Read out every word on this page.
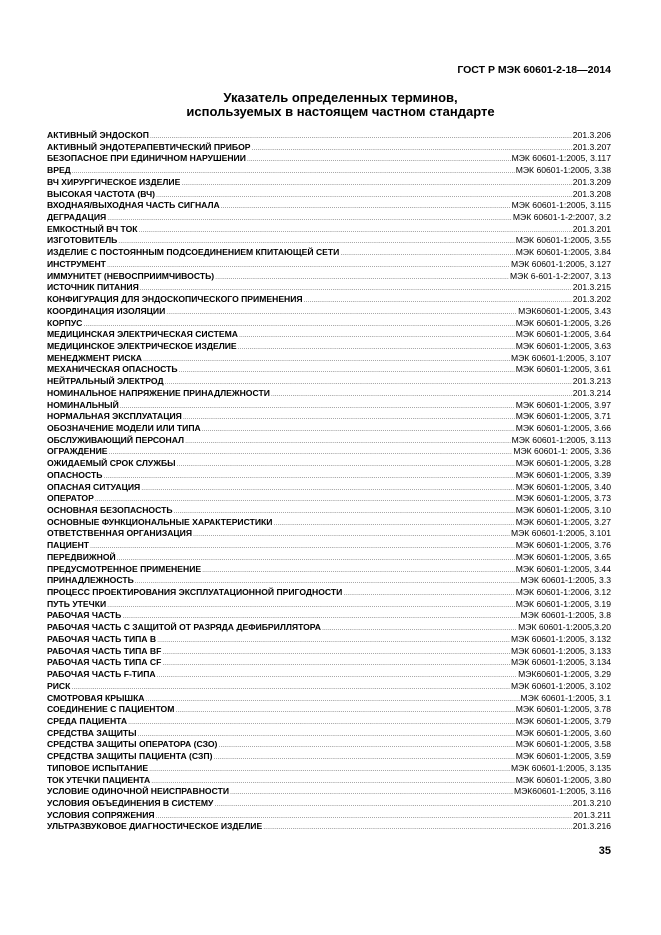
ГОСТ Р МЭК 60601-2-18—2014
Указатель определенных терминов,
используемых в настоящем частном стандарте
АКТИВНЫЙ ЭНДОСКОП .....	201.3.206
АКТИВНЫЙ ЭНДОТЕРАПЕВТИЧЕСКИЙ ПРИБОР .....	201.3.207
БЕЗОПАСНОЕ ПРИ ЕДИНИЧНОМ НАРУШЕНИИ .....	МЭК 60601-1:2005, 3.117
ВРЕД .....	МЭК 60601-1:2005, 3.38
ВЧ ХИРУРГИЧЕСКОЕ ИЗДЕЛИЕ .....	201.3.209
ВЫСОКАЯ ЧАСТОТА (ВЧ) .....	201.3.208
ВХОДНАЯ/ВЫХОДНАЯ ЧАСТЬ СИГНАЛА .....	МЭК 60601-1:2005, 3.115
ДЕГРАДАЦИЯ .....	МЭК 60601-1-2:2007, 3.2
ЕМКОСТНЫЙ ВЧ ТОК .....	201.3.201
ИЗГОТОВИТЕЛЬ .....	МЭК 60601-1:2005, 3.55
ИЗДЕЛИЕ С ПОСТОЯННЫМ ПОДСОЕДИНЕНИЕМ КПИТАЮЩЕЙ СЕТИ .....	МЭК 60601-1:2005, 3.84
ИНСТРУМЕНТ .....	МЭК 60601-1:2005, 3.127
ИММУНИТЕТ (НЕВОСПРИИМЧИВОСТЬ) .....	МЭК 6-601-1-2:2007, 3.13
ИСТОЧНИК ПИТАНИЯ .....	201.3.215
КОНФИГУРАЦИЯ ДЛЯ ЭНДОСКОПИЧЕСКОГО ПРИМЕНЕНИЯ .....	201.3.202
КООРДИНАЦИЯ ИЗОЛЯЦИИ .....	МЭК60601-1:2005, 3.43
КОРПУС .....	МЭК 60601-1:2005, 3.26
МЕДИЦИНСКАЯ ЭЛЕКТРИЧЕСКАЯ СИСТЕМА .....	МЭК 60601-1:2005, 3.64
МЕДИЦИНСКОЕ ЭЛЕКТРИЧЕСКОЕ ИЗДЕЛИЕ .....	МЭК 60601-1:2005, 3.63
МЕНЕДЖМЕНТ РИСКА .....	МЭК 60601-1:2005, 3.107
МЕХАНИЧЕСКАЯ ОПАСНОСТЬ .....	МЭК 60601-1:2005, 3.61
НЕЙТРАЛЬНЫЙ ЭЛЕКТРОД .....	201.3.213
НОМИНАЛЬНОЕ НАПРЯЖЕНИЕ ПРИНАДЛЕЖНОСТИ .....	201.3.214
НОМИНАЛЬНЫЙ .....	МЭК 60601-1:2005, 3.97
НОРМАЛЬНАЯ ЭКСПЛУАТАЦИЯ .....	МЭК 60601-1:2005, 3.71
ОБОЗНАЧЕНИЕ МОДЕЛИ ИЛИ ТИПА .....	МЭК 60601-1:2005, 3.66
ОБСЛУЖИВАЮЩИЙ ПЕРСОНАЛ .....	МЭК 60601-1:2005, 3.113
ОГРАЖДЕНИЕ .....	МЭК 60601-1: 2005, 3.36
ОЖИДАЕМЫЙ СРОК СЛУЖБЫ .....	МЭК 60601-1:2005, 3.28
ОПАСНОСТЬ .....	МЭК 60601-1:2005, 3.39
ОПАСНАЯ СИТУАЦИЯ .....	МЭК 60601-1:2005, 3.40
ОПЕРАТОР .....	МЭК 60601-1:2005, 3.73
ОСНОВНАЯ БЕЗОПАСНОСТЬ .....	МЭК 60601-1:2005, 3.10
ОСНОВНЫЕ ФУНКЦИОНАЛЬНЫЕ ХАРАКТЕРИСТИКИ .....	МЭК 60601-1:2005, 3.27
ОТВЕТСТВЕННАЯ ОРГАНИЗАЦИЯ .....	МЭК 60601-1:2005, 3.101
ПАЦИЕНТ .....	МЭК 60601-1:2005, 3.76
ПЕРЕДВИЖНОЙ .....	МЭК 60601-1:2005, 3.65
ПРЕДУСМОТРЕННОЕ ПРИМЕНЕНИЕ .....	МЭК 60601-1:2005, 3.44
ПРИНАДЛЕЖНОСТЬ .....	МЭК 60601-1:2005, 3.3
ПРОЦЕСС ПРОЕКТИРОВАНИЯ ЭКСПЛУАТАЦИОННОЙ ПРИГОДНОСТИ .....	МЭК 60601-1:2006, 3.12
ПУТЬ УТЕЧКИ .....	МЭК 60601-1:2005, 3.19
РАБОЧАЯ ЧАСТЬ .....	МЭК 60601-1:2005, 3.8
РАБОЧАЯ ЧАСТЬ С ЗАЩИТОЙ ОТ РАЗРЯДА ДЕФИБРИЛЛЯТОРА .....	МЭК 60601-1:2005,3.20
РАБОЧАЯ ЧАСТЬ ТИПА В .....	МЭК 60601-1:2005, 3.132
РАБОЧАЯ ЧАСТЬ ТИПА BF .....	МЭК 60601-1:2005, 3.133
РАБОЧАЯ ЧАСТЬ ТИПА CF .....	МЭК 60601-1:2005, 3.134
РАБОЧАЯ ЧАСТЬ F-ТИПА .....	МЭК60601-1:2005, 3.29
РИСК .....	МЭК 60601-1:2005, 3.102
СМОТРОВАЯ КРЫШКА .....	МЭК 60601-1:2005, 3.1
СОЕДИНЕНИЕ С ПАЦИЕНТОМ .....	МЭК 60601-1:2005, 3.78
СРЕДА ПАЦИЕНТА .....	МЭК 60601-1:2005, 3.79
СРЕДСТВА ЗАЩИТЫ .....	МЭК 60601-1:2005, 3.60
СРЕДСТВА ЗАЩИТЫ ОПЕРАТОРА (СЗО) .....	МЭК 60601-1:2005, 3.58
СРЕДСТВА ЗАЩИТЫ ПАЦИЕНТА (СЗП) .....	МЭК 60601-1:2005, 3.59
ТИПОВОЕ ИСПЫТАНИЕ .....	МЭК 60601-1:2005, 3.135
ТОК УТЕЧКИ ПАЦИЕНТА .....	МЭК 60601-1:2005, 3.80
УСЛОВИЕ ОДИНОЧНОЙ НЕИСПРАВНОСТИ .....	МЭК60601-1:2005, 3.116
УСЛОВИЯ ОБЪЕДИНЕНИЯ В СИСТЕМУ .....	201.3.210
УСЛОВИЯ СОПРЯЖЕНИЯ .....	201.3.211
УЛЬТРАЗВУКОВОЕ ДИАГНОСТИЧЕСКОЕ ИЗДЕЛИЕ .....	201.3.216
35
